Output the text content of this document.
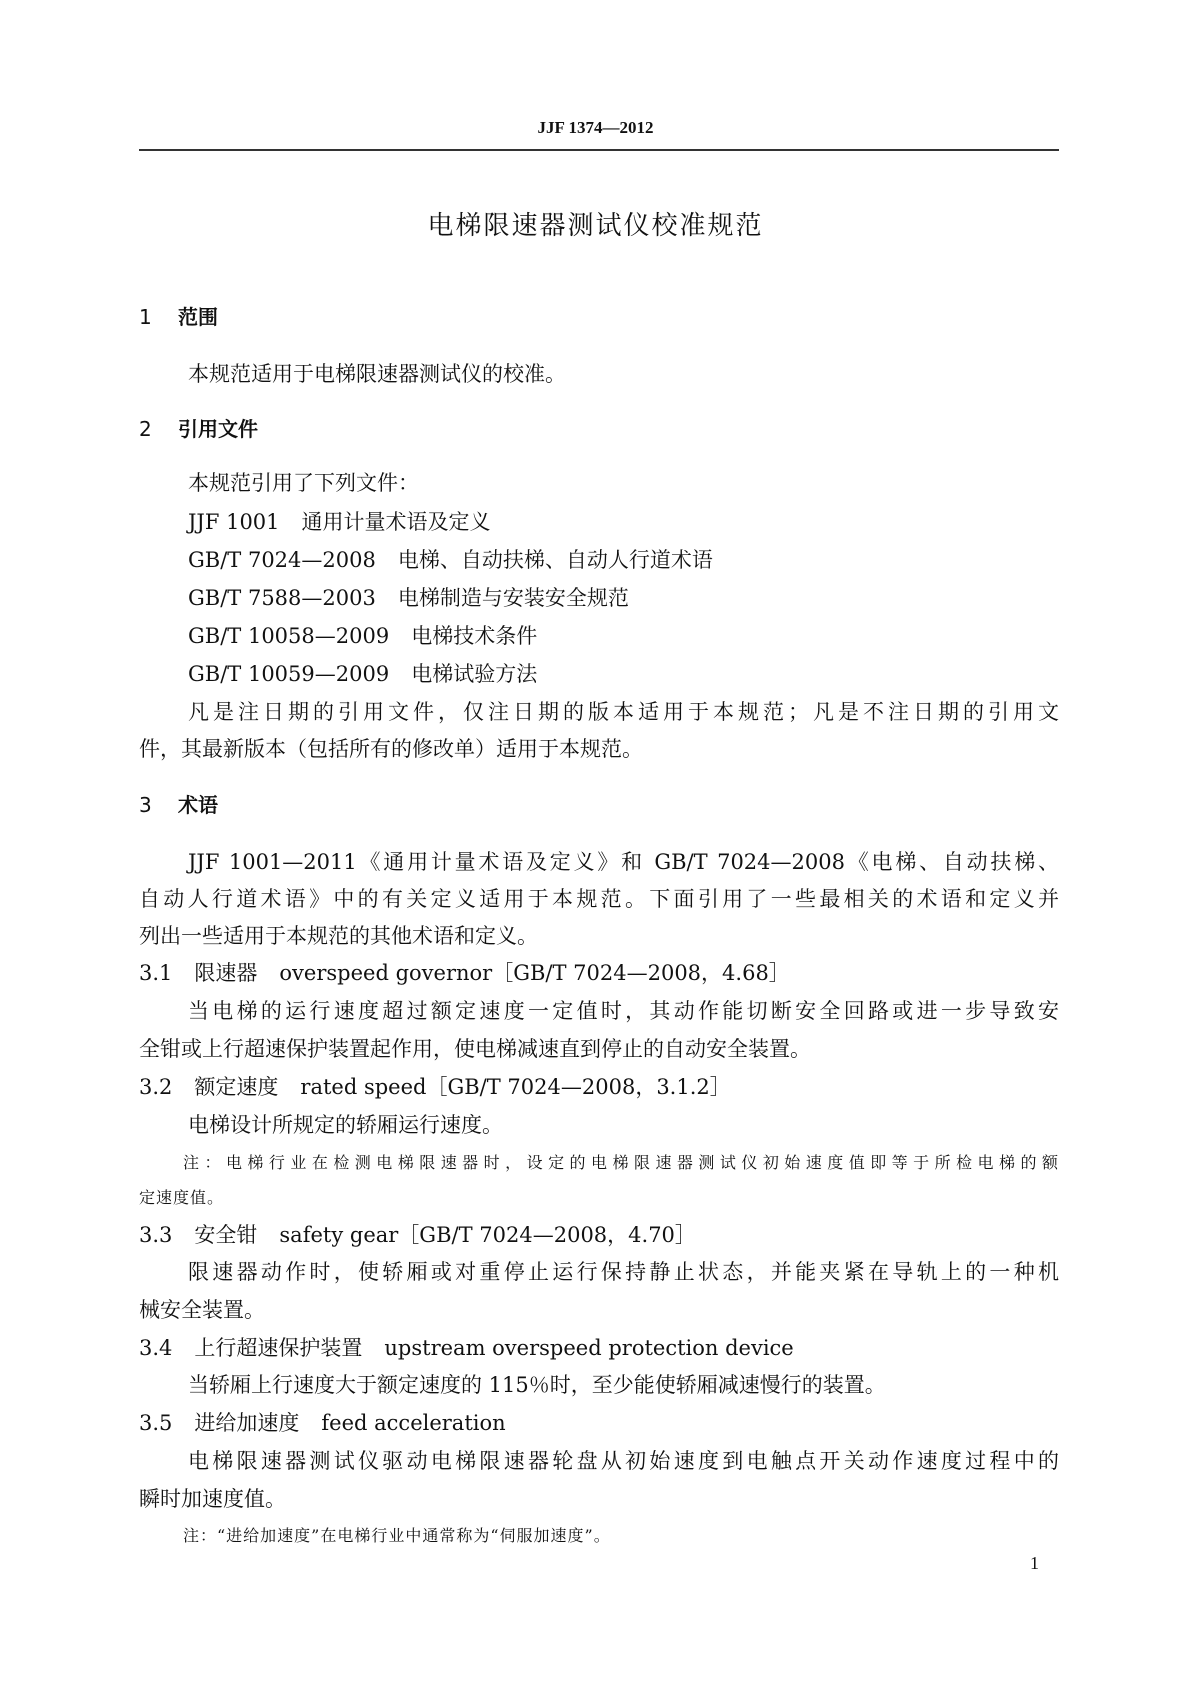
JJF 1374—2012
电梯限速器测试仪校准规范
1 范围
本规范适用于电梯限速器测试仪的校准。
2 引用文件
本规范引用了下列文件：
JJF 1001 通用计量术语及定义
GB/T 7024—2008 电梯、自动扶梯、自动人行道术语
GB/T 7588—2003 电梯制造与安装安全规范
GB/T 10058—2009 电梯技术条件
GB/T 10059—2009 电梯试验方法
凡是注日期的引用文件，仅注日期的版本适用于本规范；凡是不注日期的引用文
件，其最新版本（包括所有的修改单）适用于本规范。
3 术语
JJF 1001—2011《通用计量术语及定义》和 GB/T 7024—2008《电梯、自动扶梯、
自动人行道术语》中的有关定义适用于本规范。下面引用了一些最相关的术语和定义并
列出一些适用于本规范的其他术语和定义。
3.1 限速器 overspeed governor［GB/T 7024—2008，4.68］
当电梯的运行速度超过额定速度一定值时，其动作能切断安全回路或进一步导致安
全钳或上行超速保护装置起作用，使电梯减速直到停止的自动安全装置。
3.2 额定速度 rated speed［GB/T 7024—2008，3.1.2］
电梯设计所规定的轿厢运行速度。
注：电梯行业在检测电梯限速器时，设定的电梯限速器测试仪初始速度值即等于所检电梯的额
定速度值。
3.3 安全钳 safety gear［GB/T 7024—2008，4.70］
限速器动作时，使轿厢或对重停止运行保持静止状态，并能夹紧在导轨上的一种机
械安全装置。
3.4 上行超速保护装置 upstream overspeed protection device
当轿厢上行速度大于额定速度的 115％时，至少能使轿厢减速慢行的装置。
3.5 进给加速度 feed acceleration
电梯限速器测试仪驱动电梯限速器轮盘从初始速度到电触点开关动作速度过程中的
瞬时加速度值。
注：“进给加速度”在电梯行业中通常称为“伺服加速度”。
1
